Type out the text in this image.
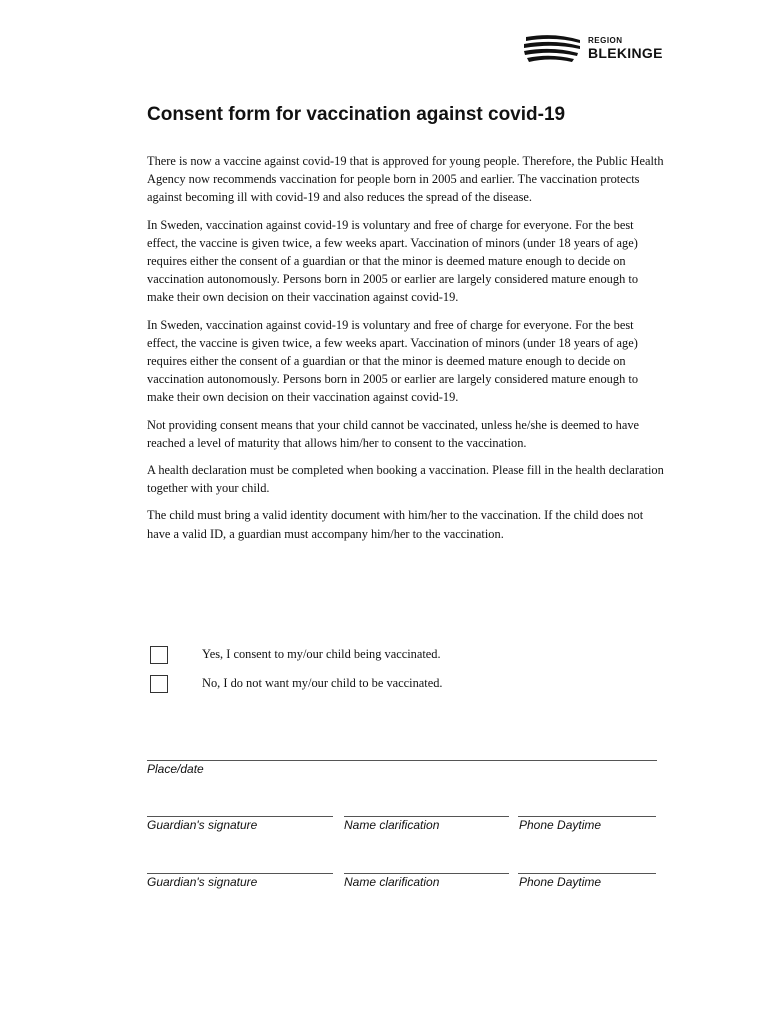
REGION
BLEKINGE
Consent form for vaccination against covid-19

There is now a vaccine against covid-19 that is approved for young people. Therefore, the Public Health Agency now recommends vaccination for people born in 2005 and earlier. The vaccination protects against becoming ill with covid-19 and also reduces the spread of the disease.

In Sweden, vaccination against covid-19 is voluntary and free of charge for everyone. For the best effect, the vaccine is given twice, a few weeks apart. Vaccination of minors (under 18 years of age) requires either the consent of a guardian or that the minor is deemed mature enough to decide on vaccination autonomously. Persons born in 2005 or earlier are largely considered mature enough to make their own decision on their vaccination against covid-19.

In Sweden, vaccination against covid-19 is voluntary and free of charge for everyone. For the best effect, the vaccine is given twice, a few weeks apart. Vaccination of minors (under 18 years of age) requires either the consent of a guardian or that the minor is deemed mature enough to decide on vaccination autonomously. Persons born in 2005 or earlier are largely considered mature enough to make their own decision on their vaccination against covid-19.

Not providing consent means that your child cannot be vaccinated, unless he/she is deemed to have reached a level of maturity that allows him/her to consent to the vaccination.

A health declaration must be completed when booking a vaccination. Please fill in the health declaration together with your child.

The child must bring a valid identity document with him/her to the vaccination. If the child does not have a valid ID, a guardian must accompany him/her to the vaccination.

Yes, I consent to my/our child being vaccinated.
No, I do not want my/our child to be vaccinated.
Place/date
Guardian's signature	Name clarification	Phone Daytime
Guardian's signature	Name clarification	Phone Daytime
